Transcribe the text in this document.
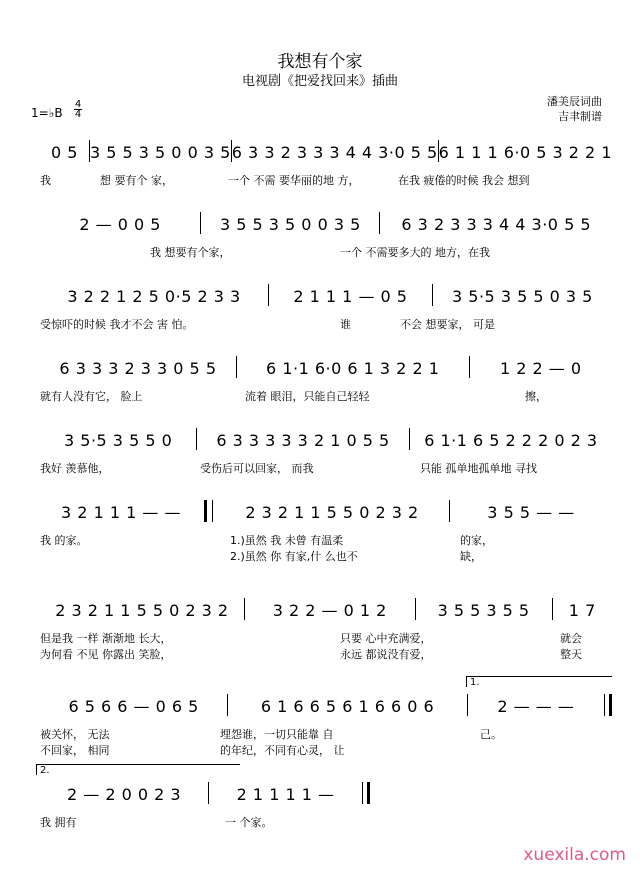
我想有个家
电视剧《把爱找回来》插曲
1=♭B
4
4
潘美辰词曲
吉聿制谱
0 5 3 5 5 3 5 0 0 3 5 6 3 3 2 3 3 3 4 4 3·0 5 5 6 1 1 1 6·0 5 3 2 2 1
我	想 要有个 家，	一个 不需 要华丽的地 方，	在我 疲倦的时候 我会 想到
2 — 0 0 5	3 5 5 3 5 0 0 3 5	6 3 2 3 3 3 4 4 3·0 5 5
我 想要有个家，	一个 不需要多大的 地方，在我
3 2 2 1 2 5 0·5 2 3 3	2 1 1 1 — 0 5	3 5·5 3 5 5 0 3 5
受惊吓的时候 我才不会 害 怕。	谁	不会 想要家， 可是
6 3 3 3 2 3 3 0 5 5	6 1·1 6·0 6 1 3 2 2 1	1 2 2 — 0
就有人没有它， 脸上	流着 眼泪，只能自己轻轻	擦，
3 5·5 3 5 5 0	6 3 3 3 3 3 2 1 0 5 5	6 1·1 6 5 2 2 2 0 2 3
我好 羡慕他，	受伤后可以回家， 而我	只能 孤单地孤单地 寻找
3 2 1 1 1 — —	2 3 2 1 1 5 5 0 2 3 2	3 5 5 — —
我 的家。	1.)虽然 我 未曾 有温柔	的家，
2.)虽然 你 有家,什 么也不	缺，
2 3 2 1 1 5 5 0 2 3 2	3 2 2 — 0 1 2	3 5 5 3 5 5	1 7
但是我 一样 渐渐地 长大，	只要 心中充满爱，	就会
为何看 不见 你露出 笑脸，	永远 都说没有爱，	整天
1.
6 5 6 6 — 0 6 5	6 1 6 6 5 6 1 6 6 0 6	2 — — —
被关怀， 无法	埋怨谁，一切只能靠 自	己。
不回家， 相同	的年纪，不同有心灵， 让
2.
2 — 2 0 0 2 3	2 1 1 1 1 —
我 拥有	一 个家。
xuexila.com
